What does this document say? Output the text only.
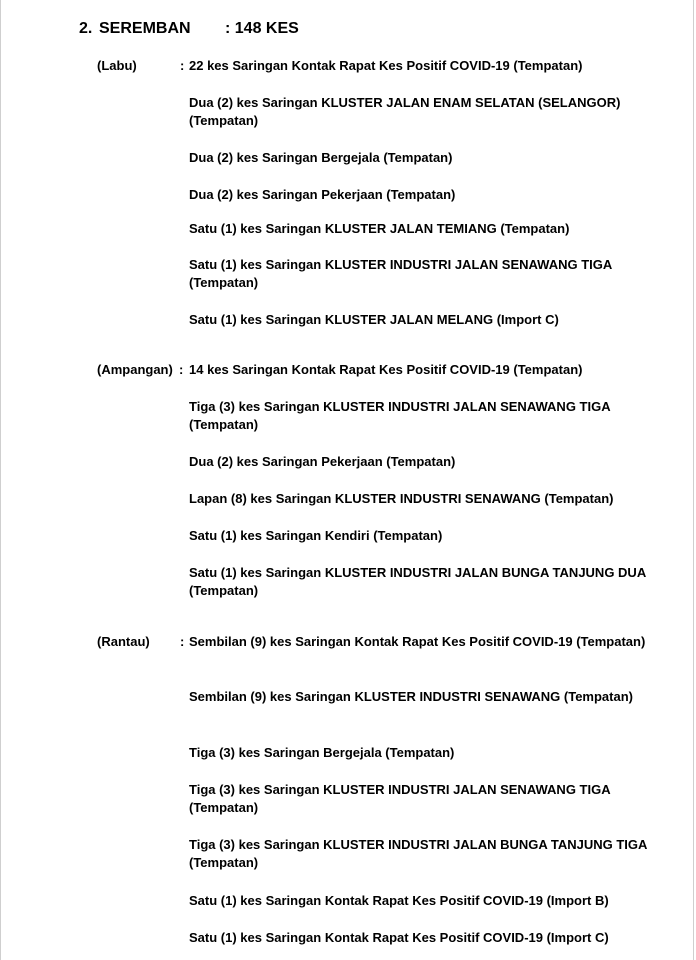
2. SEREMBAN : 148 KES
(Labu)	: 22 kes Saringan Kontak Rapat Kes Positif COVID-19 (Tempatan)
Dua (2) kes Saringan KLUSTER JALAN ENAM SELATAN (SELANGOR) (Tempatan)
Dua (2) kes Saringan Bergejala (Tempatan)
Dua (2) kes Saringan Pekerjaan (Tempatan)
Satu (1) kes Saringan KLUSTER JALAN TEMIANG (Tempatan)
Satu (1) kes Saringan KLUSTER INDUSTRI JALAN SENAWANG TIGA (Tempatan)
Satu (1) kes Saringan KLUSTER JALAN MELANG (Import C)
(Ampangan) : 14 kes Saringan Kontak Rapat Kes Positif COVID-19 (Tempatan)
Tiga (3) kes Saringan KLUSTER INDUSTRI JALAN SENAWANG TIGA (Tempatan)
Dua (2) kes Saringan Pekerjaan (Tempatan)
Lapan (8) kes Saringan KLUSTER INDUSTRI SENAWANG (Tempatan)
Satu (1) kes Saringan Kendiri (Tempatan)
Satu (1) kes Saringan KLUSTER INDUSTRI JALAN BUNGA TANJUNG DUA (Tempatan)
(Rantau) : Sembilan (9) kes Saringan Kontak Rapat Kes Positif COVID-19 (Tempatan)
Sembilan (9) kes Saringan KLUSTER INDUSTRI SENAWANG (Tempatan)
Tiga (3) kes Saringan Bergejala (Tempatan)
Tiga (3) kes Saringan KLUSTER INDUSTRI JALAN SENAWANG TIGA (Tempatan)
Tiga (3) kes Saringan KLUSTER INDUSTRI JALAN BUNGA TANJUNG TIGA (Tempatan)
Satu (1) kes Saringan Kontak Rapat Kes Positif COVID-19 (Import B)
Satu (1) kes Saringan Kontak Rapat Kes Positif COVID-19 (Import C)
